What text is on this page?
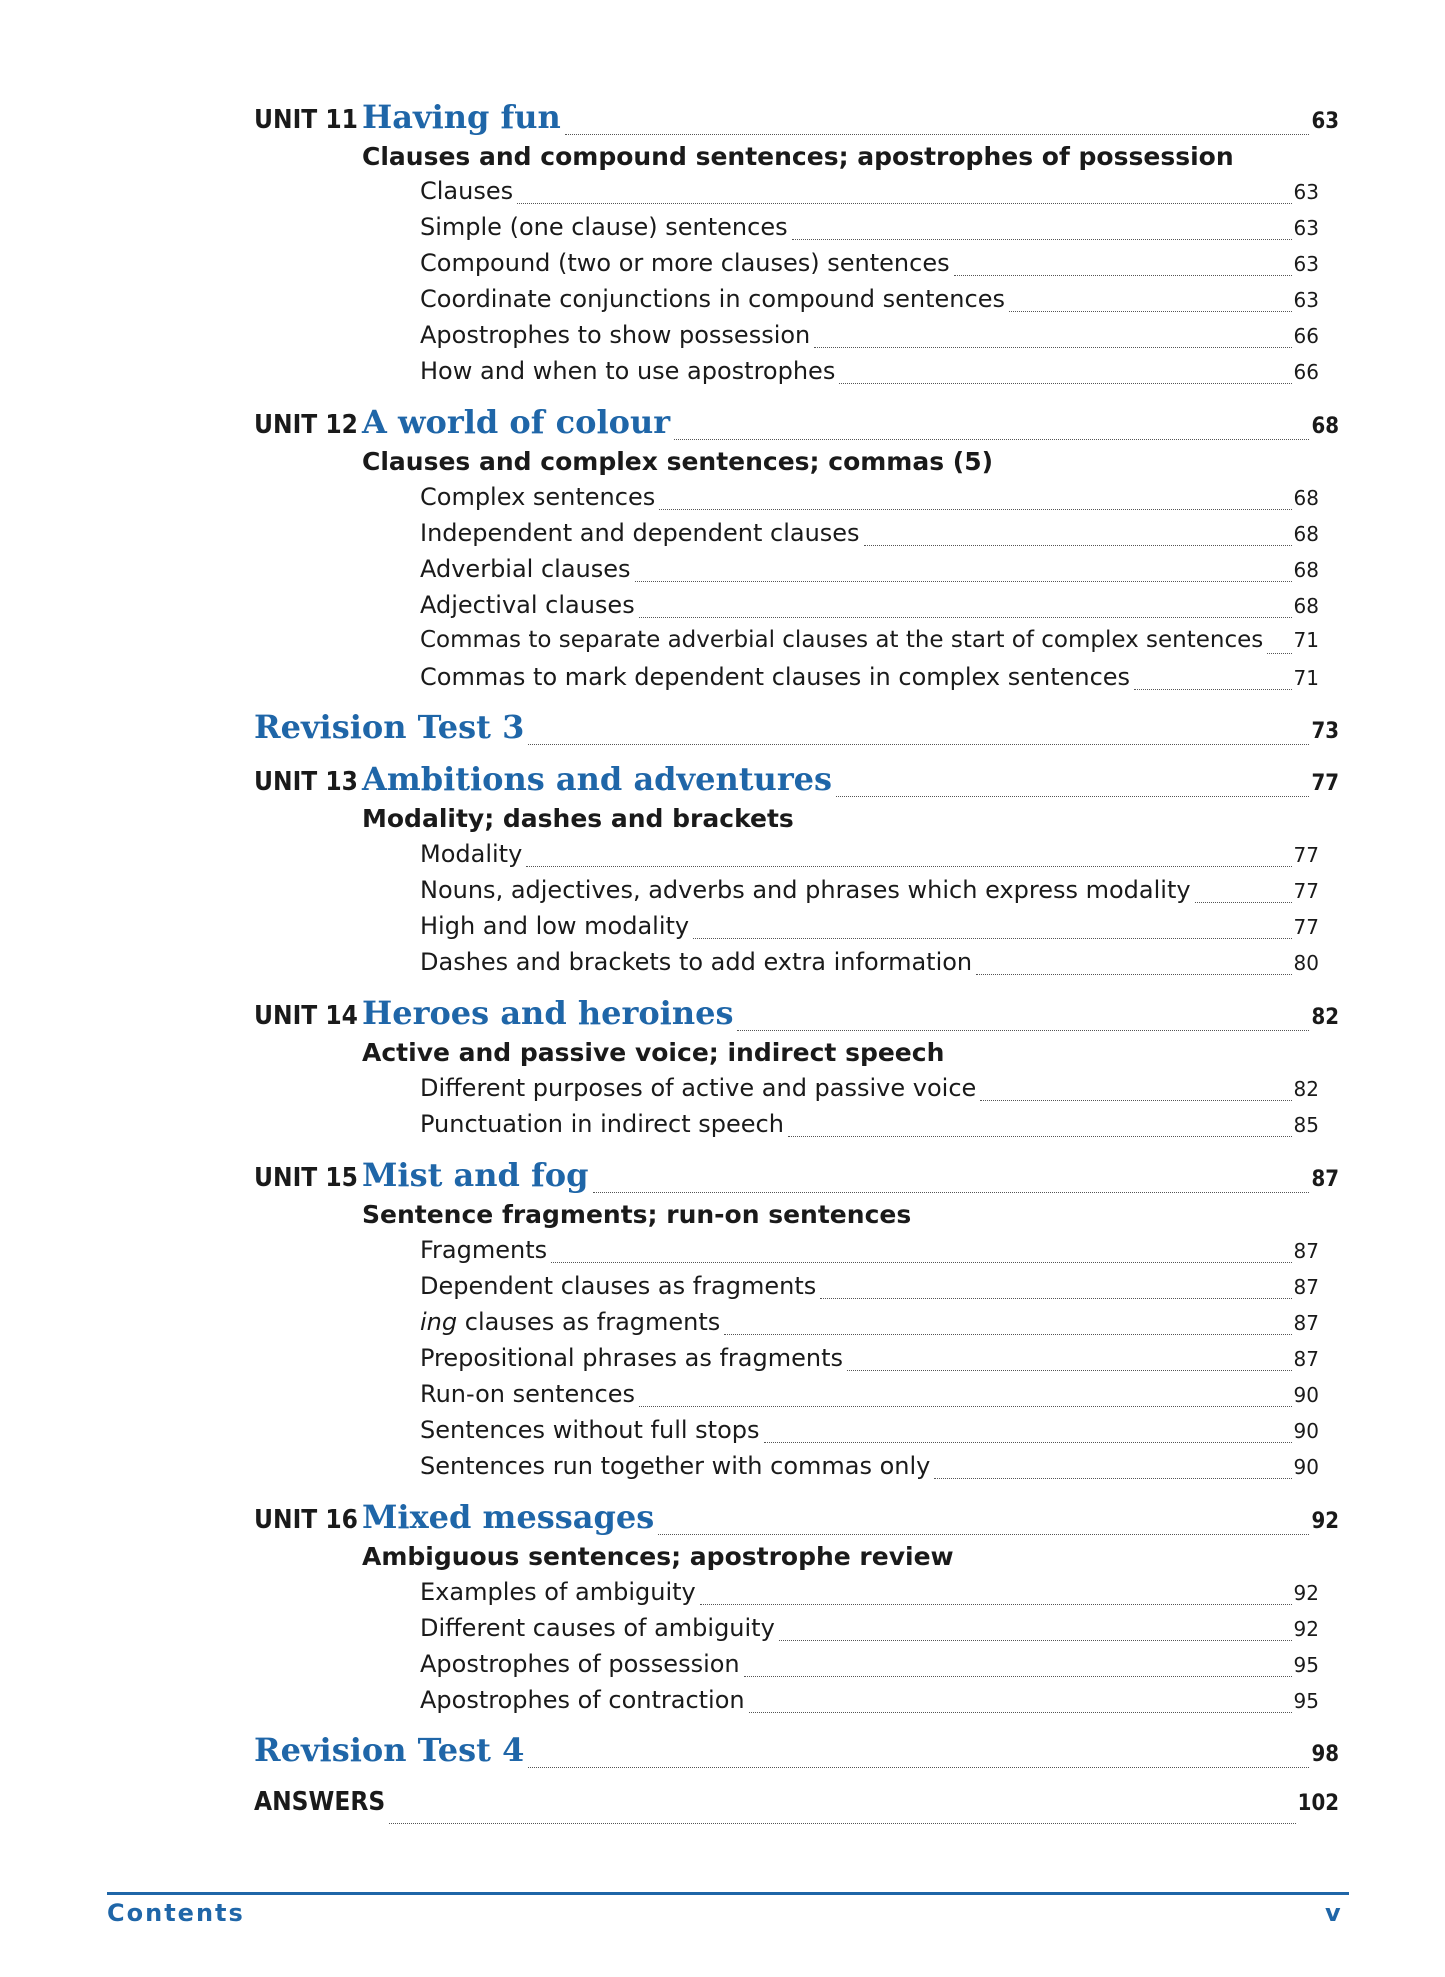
UNIT 11 Having fun	63
Clauses and compound sentences; apostrophes of possession
Clauses	63
Simple (one clause) sentences	63
Compound (two or more clauses) sentences	63
Coordinate conjunctions in compound sentences	63
Apostrophes to show possession	66
How and when to use apostrophes	66
UNIT 12 A world of colour	68
Clauses and complex sentences; commas (5)
Complex sentences	68
Independent and dependent clauses	68
Adverbial clauses	68
Adjectival clauses	68
Commas to separate adverbial clauses at the start of complex sentences 71
Commas to mark dependent clauses in complex sentences	71
Revision Test 3	73
UNIT 13 Ambitions and adventures	77
Modality; dashes and brackets
Modality	77
Nouns, adjectives, adverbs and phrases which express modality	77
High and low modality	77
Dashes and brackets to add extra information	80
UNIT 14 Heroes and heroines	82
Active and passive voice; indirect speech
Different purposes of active and passive voice	82
Punctuation in indirect speech	85
UNIT 15 Mist and fog	87
Sentence fragments; run-on sentences
Fragments	87
Dependent clauses as fragments	87
ing clauses as fragments	87
Prepositional phrases as fragments	87
Run-on sentences	90
Sentences without full stops	90
Sentences run together with commas only	90
UNIT 16 Mixed messages	92
Ambiguous sentences; apostrophe review
Examples of ambiguity	92
Different causes of ambiguity	92
Apostrophes of possession	95
Apostrophes of contraction	95
Revision Test 4	98
ANSWERS	102
Contents	v
